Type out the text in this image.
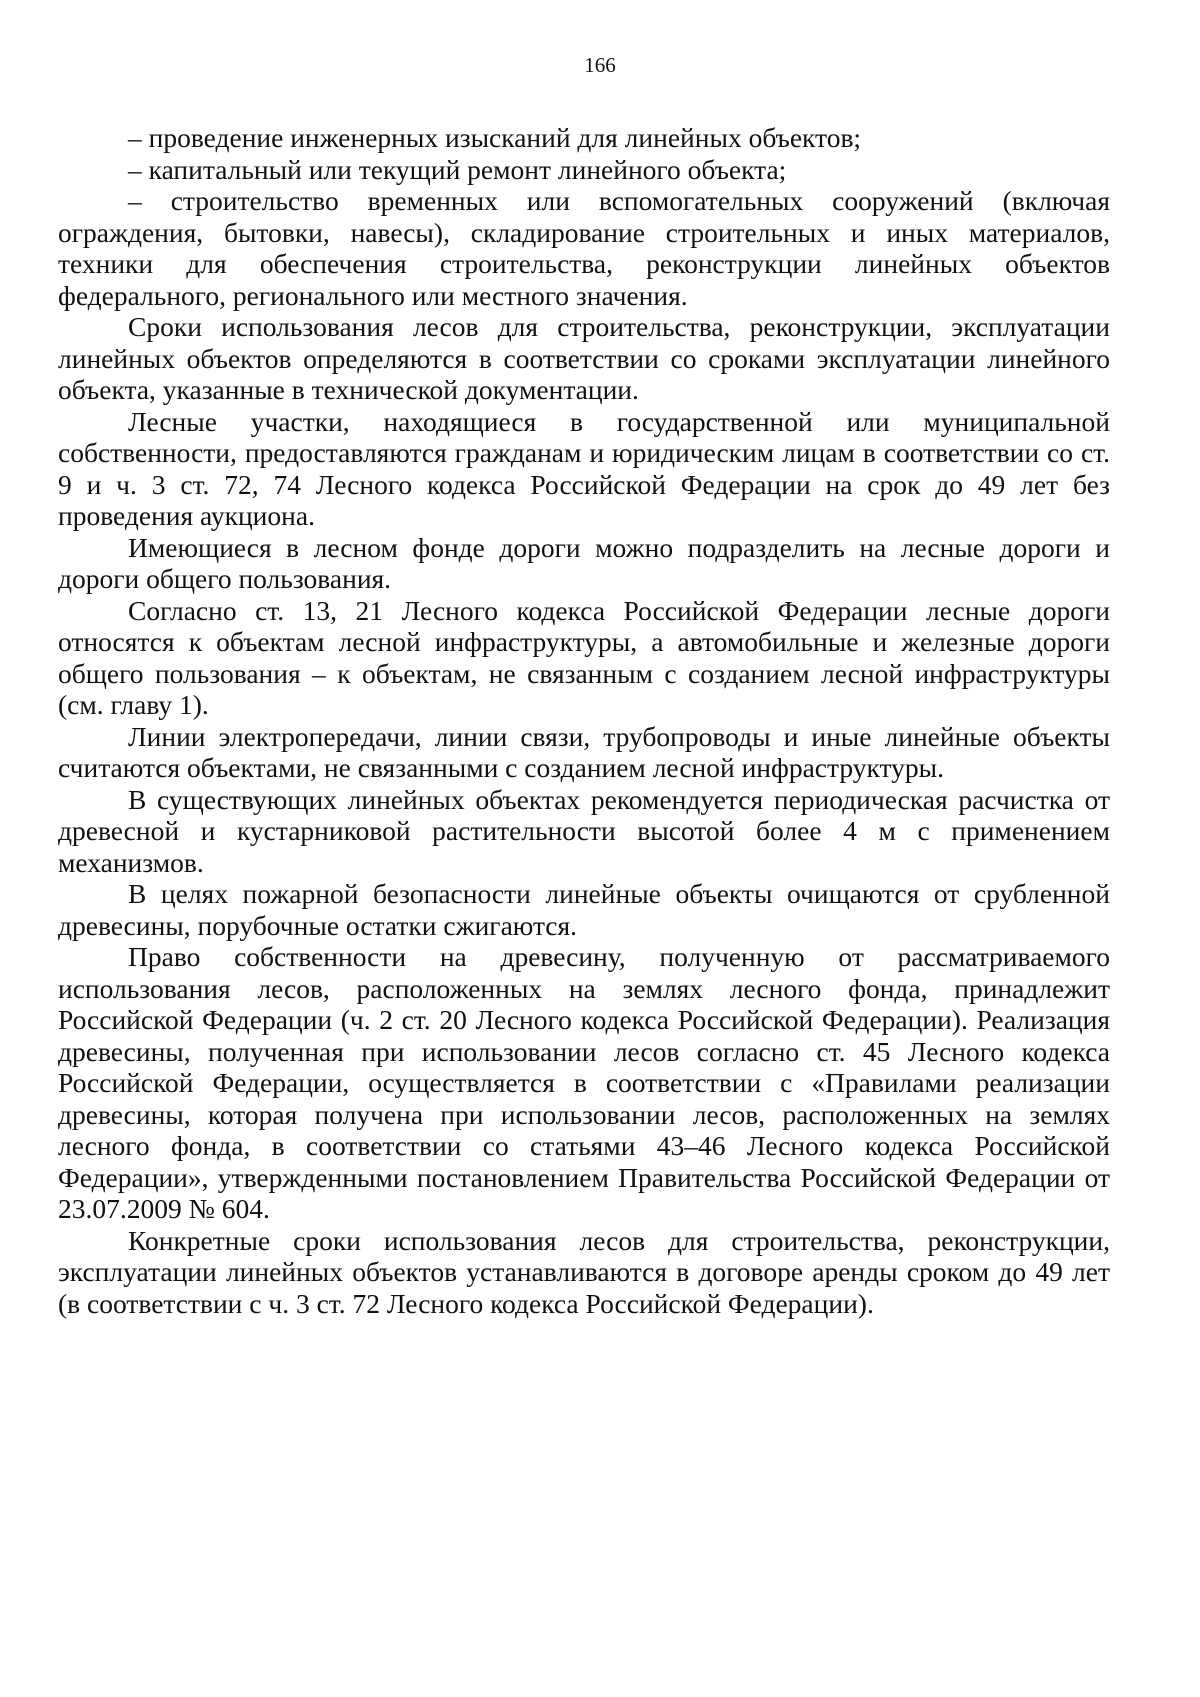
166

– проведение инженерных изысканий для линейных объектов;

– капитальный или текущий ремонт линейного объекта;

– строительство временных или вспомогательных сооружений (включая ограждения, бытовки, навесы), складирование строительных и иных материалов, техники для обеспечения строительства, реконструкции линейных объектов федерального, регионального или местного значения.

Сроки использования лесов для строительства, реконструкции, эксплуатации линейных объектов определяются в соответствии со сроками эксплуатации линейного объекта, указанные в технической документации.

Лесные участки, находящиеся в государственной или муниципальной собственности, предоставляются гражданам и юридическим лицам в соответствии со ст. 9 и ч. 3 ст. 72, 74 Лесного кодекса Российской Федерации на срок до 49 лет без проведения аукциона.

Имеющиеся в лесном фонде дороги можно подразделить на лесные дороги и дороги общего пользования.

Согласно ст. 13, 21 Лесного кодекса Российской Федерации лесные дороги относятся к объектам лесной инфраструктуры, а автомобильные и железные дороги общего пользования – к объектам, не связанным с созданием лесной инфраструктуры (см. главу 1).

Линии электропередачи, линии связи, трубопроводы и иные линейные объекты считаются объектами, не связанными с созданием лесной инфраструктуры.

В существующих линейных объектах рекомендуется периодическая расчистка от древесной и кустарниковой растительности высотой более 4 м с применением механизмов.

В целях пожарной безопасности линейные объекты очищаются от срубленной древесины, порубочные остатки сжигаются.

Право собственности на древесину, полученную от рассматриваемого использования лесов, расположенных на землях лесного фонда, принадлежит Российской Федерации (ч. 2 ст. 20 Лесного кодекса Российской Федерации). Реализация древесины, полученная при использовании лесов согласно ст. 45 Лесного кодекса Российской Федерации, осуществляется в соответствии с «Правилами реализации древесины, которая получена при использовании лесов, расположенных на землях лесного фонда, в соответствии со статьями 43–46 Лесного кодекса Российской Федерации», утвержденными постановлением Правительства Российской Федерации от 23.07.2009 № 604.

Конкретные сроки использования лесов для строительства, реконструкции, эксплуатации линейных объектов устанавливаются в договоре аренды сроком до 49 лет (в соответствии с ч. 3 ст. 72 Лесного кодекса Российской Федерации).
